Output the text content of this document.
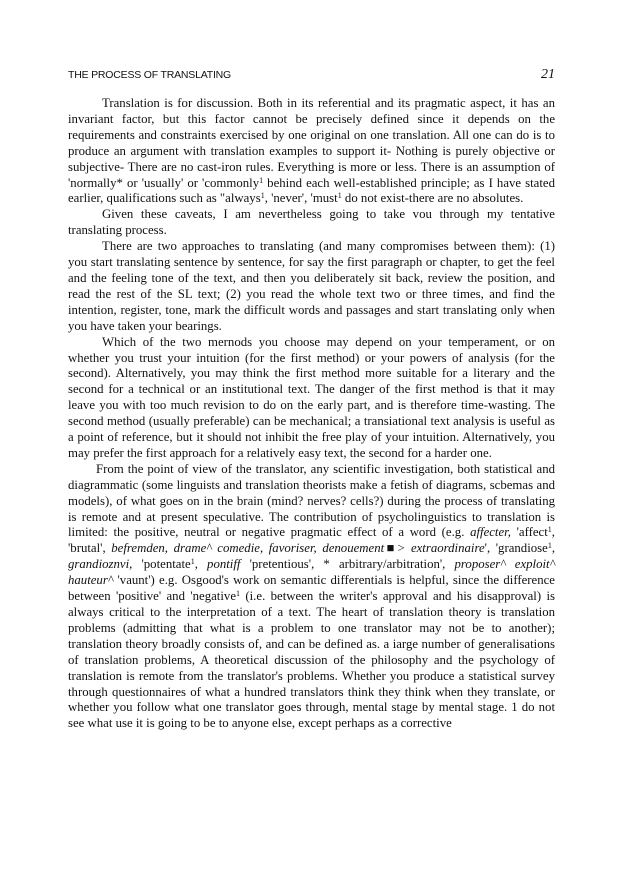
THE PROCESS OF TRANSLATING	21

Translation is for discussion. Both in its referential and its pragmatic aspect, it has an invariant factor, but this factor cannot be precisely defined since it depends on the requirements and constraints exercised by one original on one translation. All one can do is to produce an argument with translation examples to support it- Nothing is purely objective or subjective- There are no cast-iron rules. Everything is more or less. There is an assumption of 'normally* or 'usually' or 'commonly$^1$ behind each well-established principle; as I have stated earlier, qualifications such as "always$^1$, 'never', 'must$^1$ do not exist-there are no absolutes.

Given these caveats, I am nevertheless going to take vou through my tentative translating process.

There are two approaches to translating (and many compromises between them): (1) you start translating sentence by sentence, for say the first paragraph or chapter, to get the feel and the feeling tone of the text, and then you deliberately sit back, review the position, and read the rest of the SL text; (2) you read the whole text two or three times, and find the intention, register, tone, mark the difficult words and passages and start translating only when you have taken your bearings.

Which of the two mernods you choose may depend on your temperament, or on whether you trust your intuition (for the first method) or your powers of analysis (for the second). Alternatively, you may think the first method more suitable for a literary and the second for a technical or an institutional text. The danger of the first method is that it may leave you with too much revision to do on the early part, and is therefore time-wasting. The second method (usually preferable) can be mechanical; a transiational text analysis is useful as a point of reference, but it should not inhibit the free play of your intuition. Alternatively, you may prefer the first approach for a relatively easy text, the second for a harder one.

From the point of view of the translator, any scientific investigation, both statistical and diagrammatic (some linguists and translation theorists make a fetish of diagrams, scbemas and models), of what goes on in the brain (mind? nerves? cells?) during the process of translating is remote and at present speculative. The contribution of psycholinguistics to translation is limited: the positive, neutral or negative pragmatic effect of a word (e.g. affecter, 'affect$^1$, 'brutal', befremden, drame^ comedie, favoriser, denouement■> extraordinaire', 'grandiose$^1$, grandioznvi, 'potentate$^1$, pontiff 'pretentious', * arbitrary/arbitration', proposer^ exploit^ hauteur^ 'vaunt') e.g. Osgood's work on semantic differentials is helpful, since the difference between 'positive' and 'negative$^1$ (i.e. between the writer's approval and his disapproval) is always critical to the interpretation of a text. The heart of translation theory is translation problems (admitting that what is a problem to one translator may not be to another); translation theory broadly consists of, and can be defined as. a iarge number of generalisations of translation problems, A theoretical discussion of the philosophy and the psychology of translation is remote from the translator's problems. Whether you produce a statistical survey through questionnaires of what a hundred translators think they think when they translate, or whether you follow what one translator goes through, mental stage by mental stage. 1 do not see what use it is going to be to anyone else, except perhaps as a corrective
